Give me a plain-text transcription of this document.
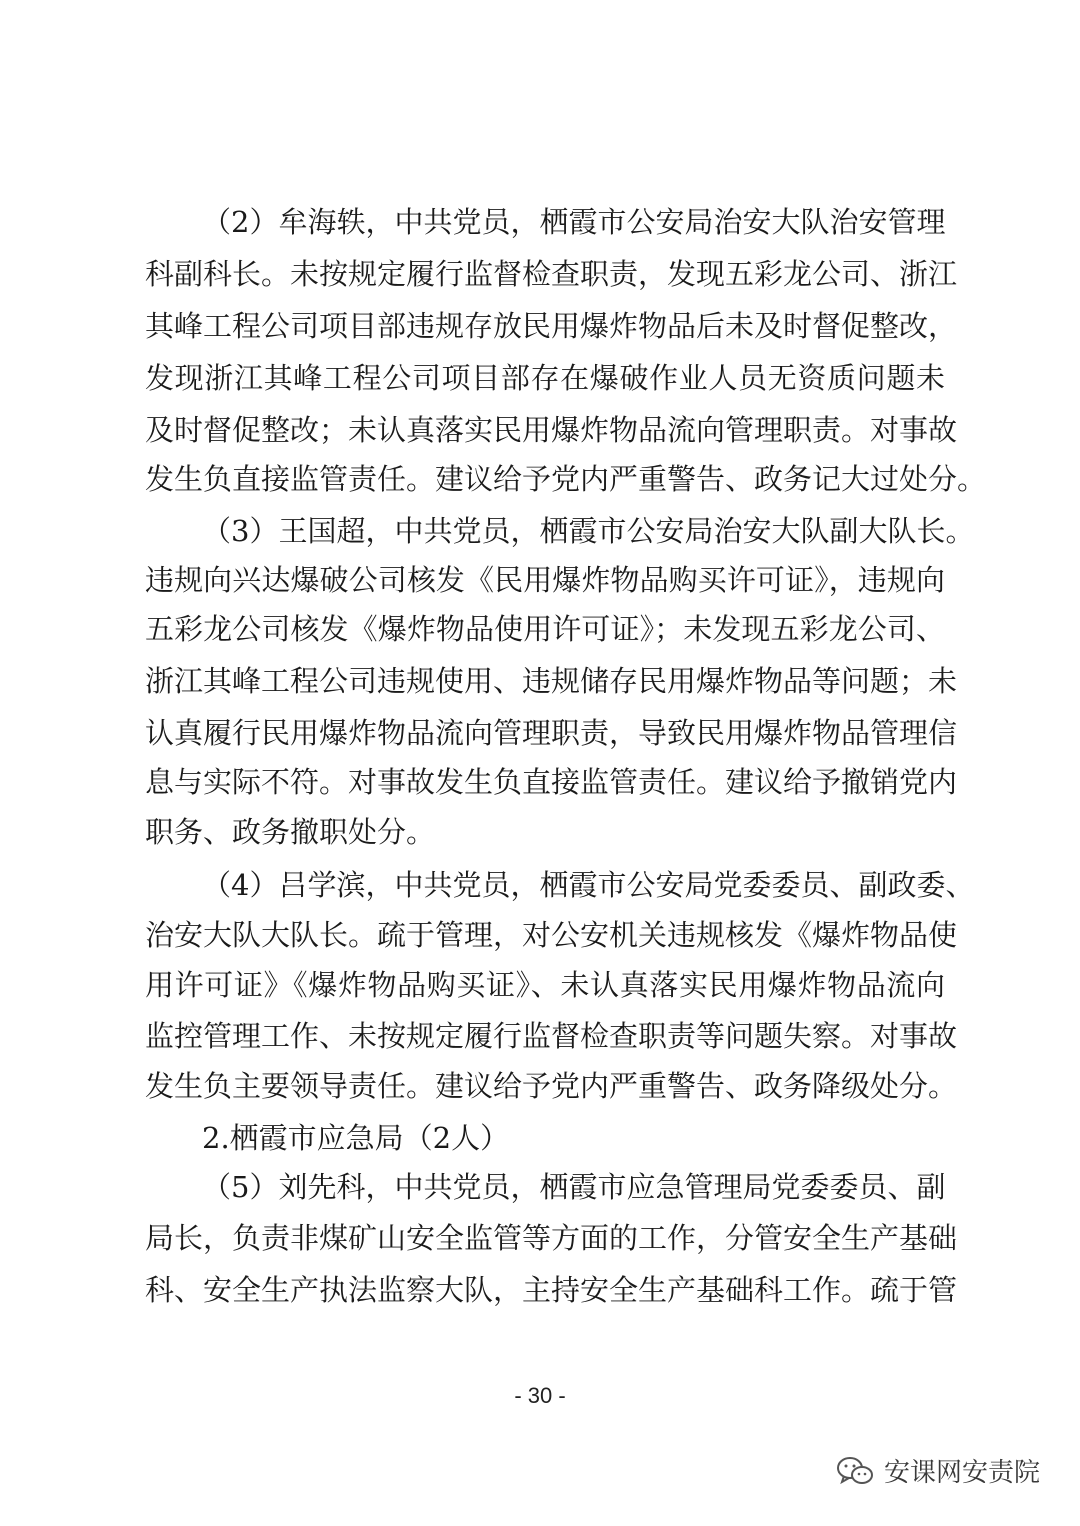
（2）牟海轶，中共党员，栖霞市公安局治安大队治安管理
科副科长。未按规定履行监督检查职责，发现五彩龙公司、浙江
其峰工程公司项目部违规存放民用爆炸物品后未及时督促整改，
发现浙江其峰工程公司项目部存在爆破作业人员无资质问题未
及时督促整改；未认真落实民用爆炸物品流向管理职责。对事故
发生负直接监管责任。建议给予党内严重警告、政务记大过处分。
（3）王国超，中共党员，栖霞市公安局治安大队副大队长。
违规向兴达爆破公司核发《民用爆炸物品购买许可证》，违规向
五彩龙公司核发《爆炸物品使用许可证》；未发现五彩龙公司、
浙江其峰工程公司违规使用、违规储存民用爆炸物品等问题；未
认真履行民用爆炸物品流向管理职责，导致民用爆炸物品管理信
息与实际不符。对事故发生负直接监管责任。建议给予撤销党内
职务、政务撤职处分。
（4）吕学滨，中共党员，栖霞市公安局党委委员、副政委、
治安大队大队长。疏于管理，对公安机关违规核发《爆炸物品使
用许可证》《爆炸物品购买证》、未认真落实民用爆炸物品流向
监控管理工作、未按规定履行监督检查职责等问题失察。对事故
发生负主要领导责任。建议给予党内严重警告、政务降级处分。
2.栖霞市应急局（2人）
（5）刘先科，中共党员，栖霞市应急管理局党委委员、副
局长，负责非煤矿山安全监管等方面的工作，分管安全生产基础
科、安全生产执法监察大队，主持安全生产基础科工作。疏于管
- 30 -
安课网安责院
